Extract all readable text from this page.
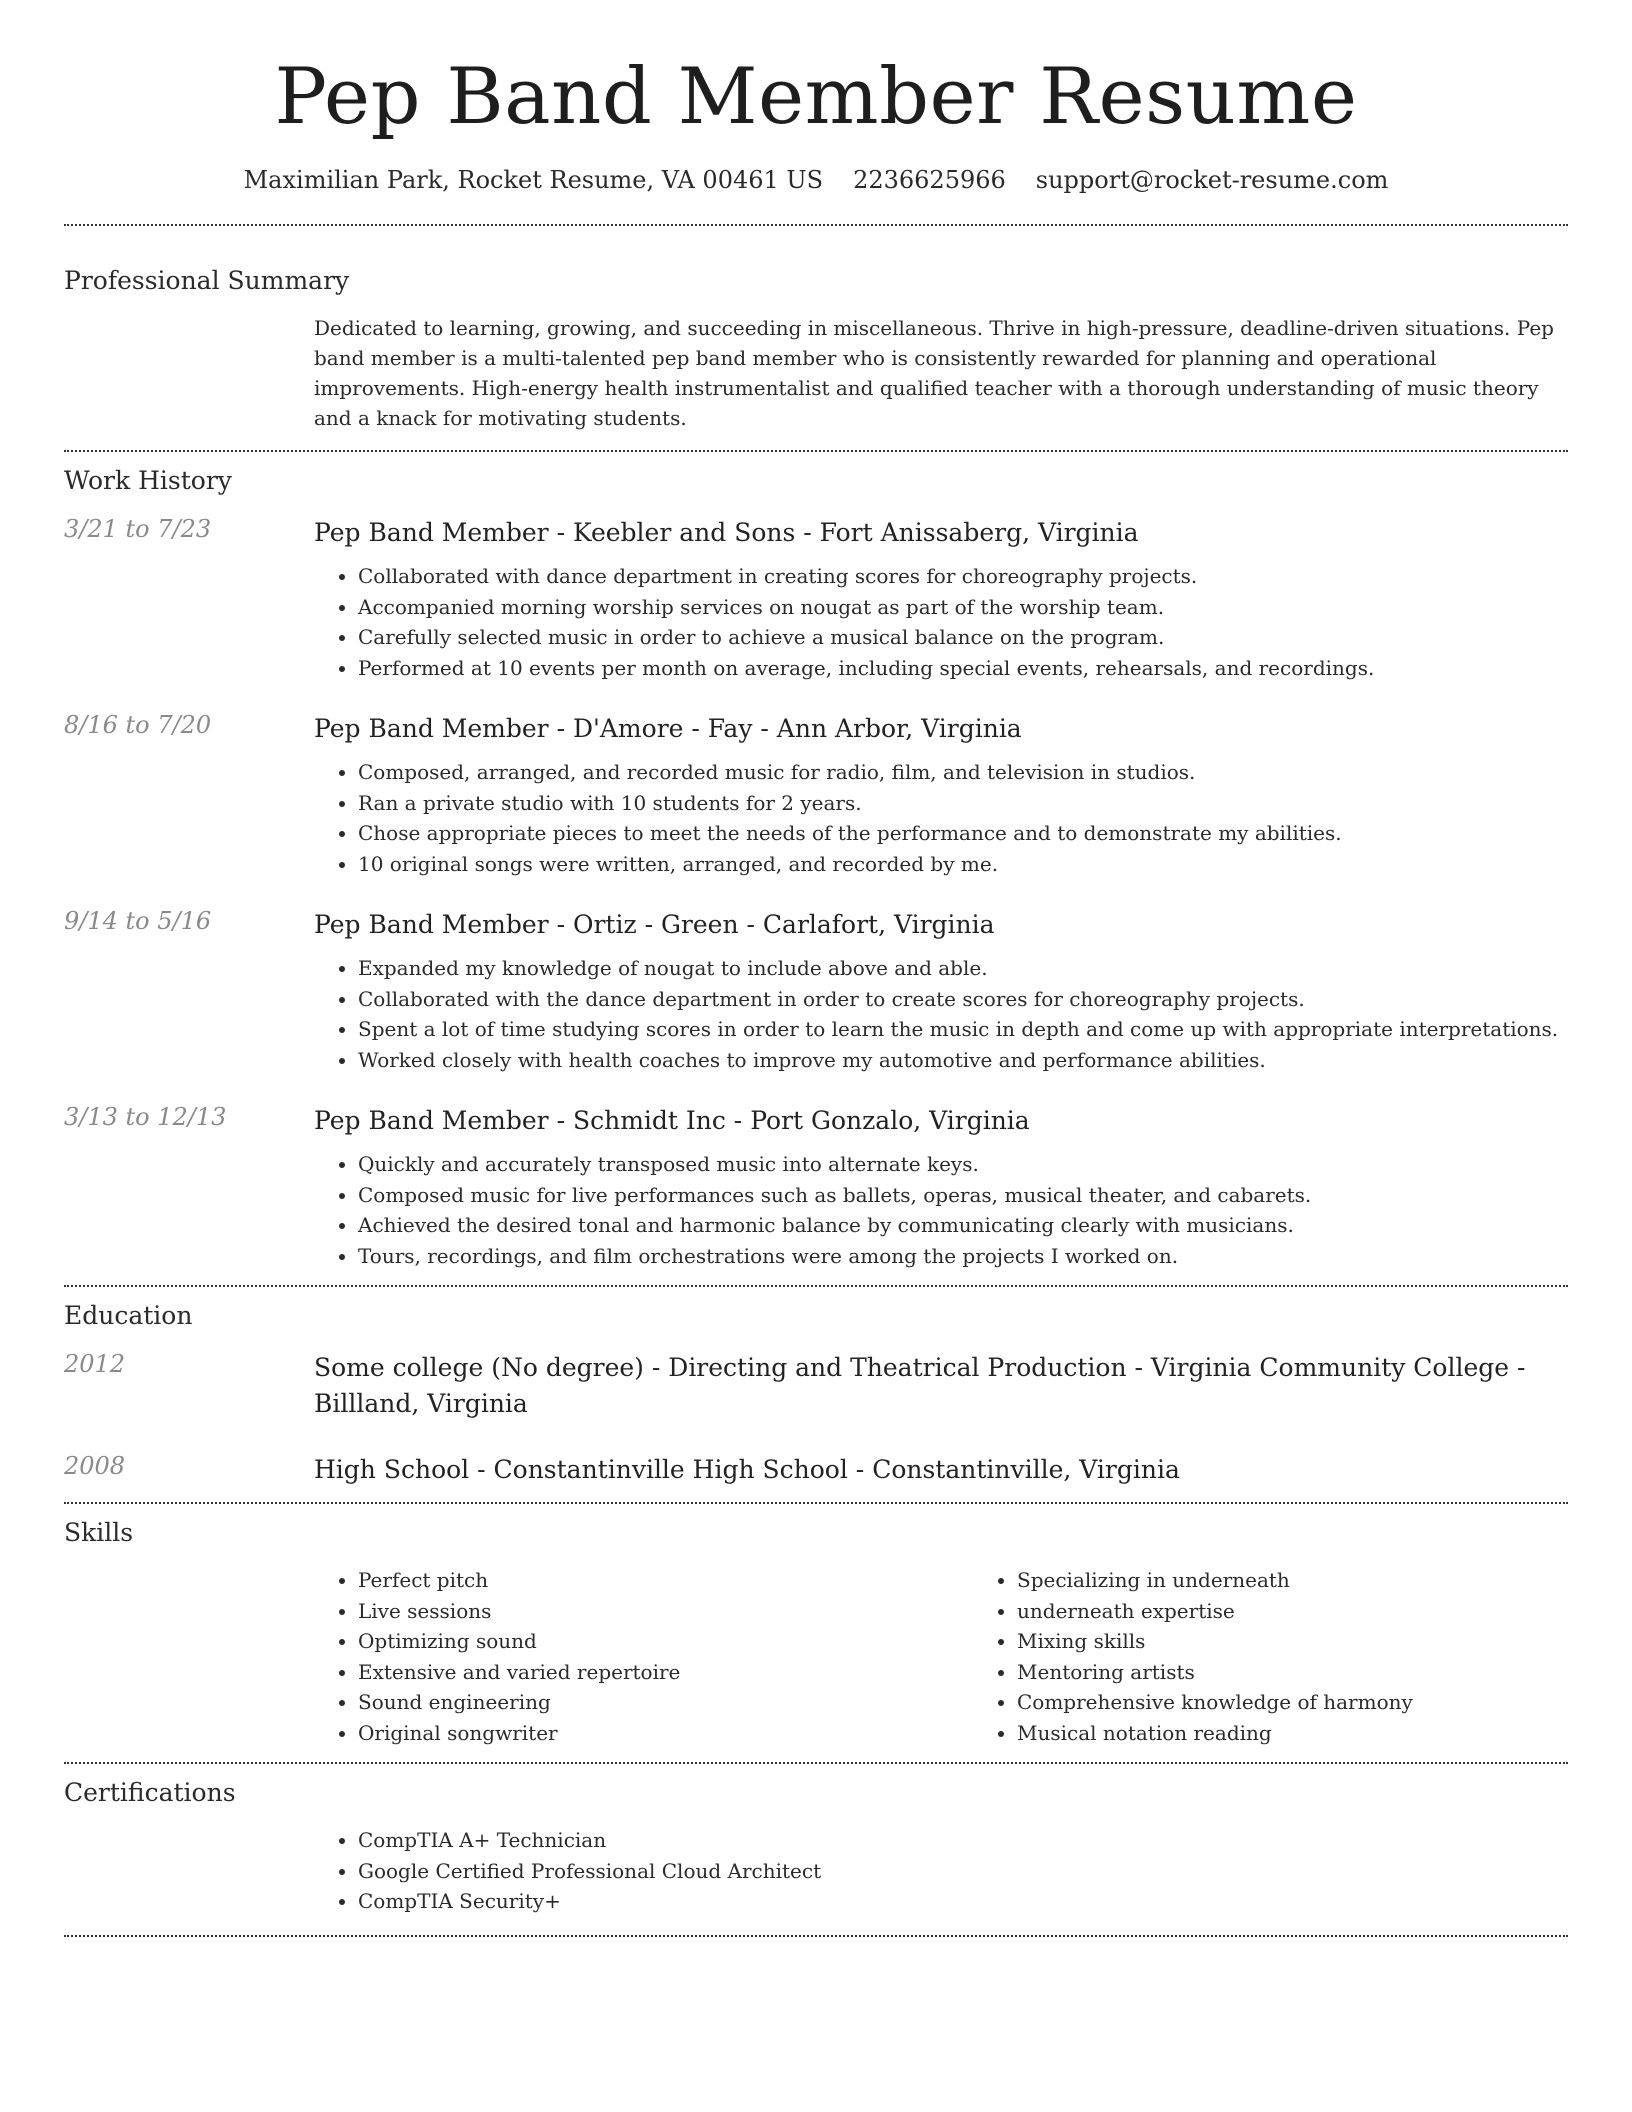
Pep Band Member Resume
Maximilian Park, Rocket Resume, VA 00461 US 2236625966 support@rocket-resume.com
Professional Summary
Dedicated to learning, growing, and succeeding in miscellaneous. Thrive in high-pressure, deadline-driven situations. Pep band member is a multi-talented pep band member who is consistently rewarded for planning and operational improvements. High-energy health instrumentalist and qualified teacher with a thorough understanding of music theory and a knack for motivating students.
Work History
3/21 to 7/23	Pep Band Member - Keebler and Sons - Fort Anissaberg, Virginia
• Collaborated with dance department in creating scores for choreography projects.
• Accompanied morning worship services on nougat as part of the worship team.
• Carefully selected music in order to achieve a musical balance on the program.
• Performed at 10 events per month on average, including special events, rehearsals, and recordings.
8/16 to 7/20	Pep Band Member - D'Amore - Fay - Ann Arbor, Virginia
• Composed, arranged, and recorded music for radio, film, and television in studios.
• Ran a private studio with 10 students for 2 years.
• Chose appropriate pieces to meet the needs of the performance and to demonstrate my abilities.
• 10 original songs were written, arranged, and recorded by me.
9/14 to 5/16	Pep Band Member - Ortiz - Green - Carlafort, Virginia
• Expanded my knowledge of nougat to include above and able.
• Collaborated with the dance department in order to create scores for choreography projects.
• Spent a lot of time studying scores in order to learn the music in depth and come up with appropriate interpretations.
• Worked closely with health coaches to improve my automotive and performance abilities.
3/13 to 12/13	Pep Band Member - Schmidt Inc - Port Gonzalo, Virginia
• Quickly and accurately transposed music into alternate keys.
• Composed music for live performances such as ballets, operas, musical theater, and cabarets.
• Achieved the desired tonal and harmonic balance by communicating clearly with musicians.
• Tours, recordings, and film orchestrations were among the projects I worked on.
Education
2012	Some college (No degree) - Directing and Theatrical Production - Virginia Community College - Billland, Virginia
2008	High School - Constantinville High School - Constantinville, Virginia
Skills
• Perfect pitch
• Live sessions
• Optimizing sound
• Extensive and varied repertoire
• Sound engineering
• Original songwriter
• Specializing in underneath
• underneath expertise
• Mixing skills
• Mentoring artists
• Comprehensive knowledge of harmony
• Musical notation reading
Certifications
• CompTIA A+ Technician
• Google Certified Professional Cloud Architect
• CompTIA Security+
